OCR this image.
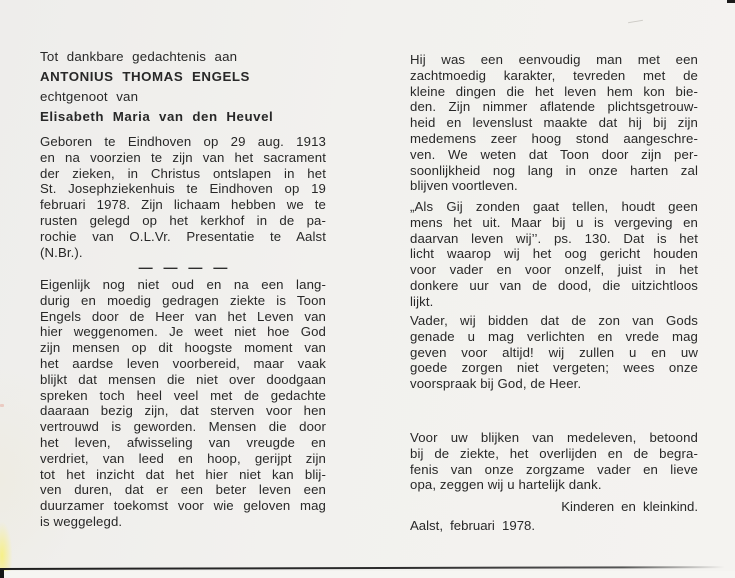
Tot dankbare gedachtenis aan
ANTONIUS THOMAS ENGELS
echtgenoot van
Elisabeth Maria van den Heuvel
Geboren te Eindhoven op 29 aug. 1913
en na voorzien te zijn van het sacrament
der zieken, in Christus ontslapen in het
St. Josephziekenhuis te Eindhoven op 19
februari 1978. Zijn lichaam hebben we te
rusten gelegd op het kerkhof in de pa-
rochie van O.L.Vr. Presentatie te Aalst
(N.Br.).
— — — —
Eigenlijk nog niet oud en na een lang-
durig en moedig gedragen ziekte is Toon
Engels door de Heer van het Leven van
hier weggenomen. Je weet niet hoe God
zijn mensen op dit hoogste moment van
het aardse leven voorbereid, maar vaak
blijkt dat mensen die niet over doodgaan
spreken toch heel veel met de gedachte
daaraan bezig zijn, dat sterven voor hen
vertrouwd is geworden. Mensen die door
het leven, afwisseling van vreugde en
verdriet, van leed en hoop, gerijpt zijn
tot het inzicht dat het hier niet kan blij-
ven duren, dat er een beter leven een
duurzamer toekomst voor wie geloven mag
is weggelegd.
Hij was een eenvoudig man met een
zachtmoedig karakter, tevreden met de
kleine dingen die het leven hem kon bie-
den. Zijn nimmer aflatende plichtsgetrouw-
heid en levenslust maakte dat hij bij zijn
medemens zeer hoog stond aangeschre-
ven. We weten dat Toon door zijn per-
soonlijkheid nog lang in onze harten zal
blijven voortleven.
„Als Gij zonden gaat tellen, houdt geen
mens het uit. Maar bij u is vergeving en
daarvan leven wij’’. ps. 130. Dat is het
licht waarop wij het oog gericht houden
voor vader en voor onzelf, juist in het
donkere uur van de dood, die uitzichtloos
lijkt.
Vader, wij bidden dat de zon van Gods
genade u mag verlichten en vrede mag
geven voor altijd! wij zullen u en uw
goede zorgen niet vergeten; wees onze
voorspraak bij God, de Heer.
Voor uw blijken van medeleven, betoond
bij de ziekte, het overlijden en de begra-
fenis van onze zorgzame vader en lieve
opa, zeggen wij u hartelijk dank.
Kinderen en kleinkind.
Aalst, februari 1978.
